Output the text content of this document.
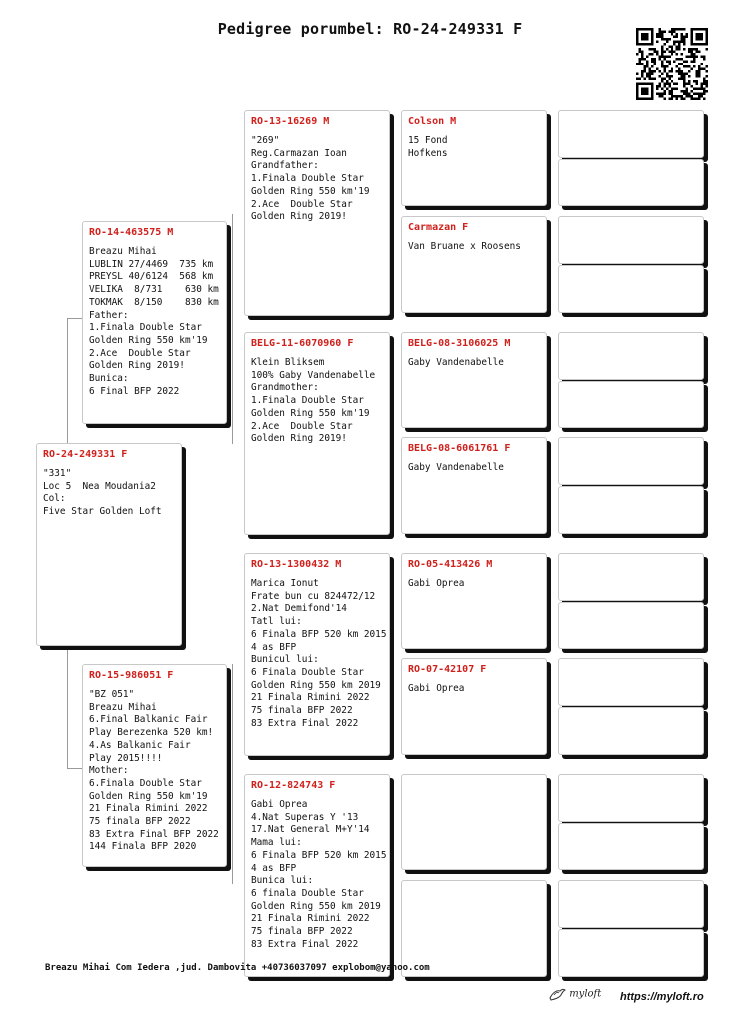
Pedigree porumbel: RO-24-249331 F
RO-24-249331 F
"331"
Loc 5  Nea Moudania2
Col:
Five Star Golden Loft
RO-14-463575 M
Breazu Mihai
LUBLIN 27/4469  735 km
PREYSL 40/6124  568 km
VELIKA  8/731    630 km
TOKMAK  8/150    830 km
Father:
1.Finala Double Star
Golden Ring 550 km'19
2.Ace  Double Star
Golden Ring 2019!
Bunica:
6 Final BFP 2022
RO-15-986051 F
"BZ 051"
Breazu Mihai
6.Final Balkanic Fair
Play Berezenka 520 km!
4.As Balkanic Fair
Play 2015!!!!
Mother:
6.Finala Double Star
Golden Ring 550 km'19
21 Finala Rimini 2022
75 finala BFP 2022
83 Extra Final BFP 2022
144 Finala BFP 2020
RO-13-16269 M
"269"
Reg.Carmazan Ioan
Grandfather:
1.Finala Double Star
Golden Ring 550 km'19
2.Ace  Double Star
Golden Ring 2019!
BELG-11-6070960 F
Klein Bliksem
100% Gaby Vandenabelle
Grandmother:
1.Finala Double Star
Golden Ring 550 km'19
2.Ace  Double Star
Golden Ring 2019!
RO-13-1300432 M
Marica Ionut
Frate bun cu 824472/12
2.Nat Demifond'14
Tatl lui:
6 Finala BFP 520 km 2015
4 as BFP
Bunicul lui:
6 Finala Double Star
Golden Ring 550 km 2019
21 Finala Rimini 2022
75 finala BFP 2022
83 Extra Final 2022
RO-12-824743 F
Gabi Oprea
4.Nat Superas Y '13
17.Nat General M+Y'14
Mama lui:
6 Finala BFP 520 km 2015
4 as BFP
Bunica lui:
6 finala Double Star
Golden Ring 550 km 2019
21 Finala Rimini 2022
75 finala BFP 2022
83 Extra Final 2022
Colson M
15 Fond
Hofkens
Carmazan F
Van Bruane x Roosens
BELG-08-3106025 M
Gaby Vandenabelle
BELG-08-6061761 F
Gaby Vandenabelle
RO-05-413426 M
Gabi Oprea
RO-07-42107 F
Gabi Oprea
Breazu Mihai Com Iedera ,jud. Dambovita +40736037097 explobom@yahoo.com
myloft https://myloft.ro
